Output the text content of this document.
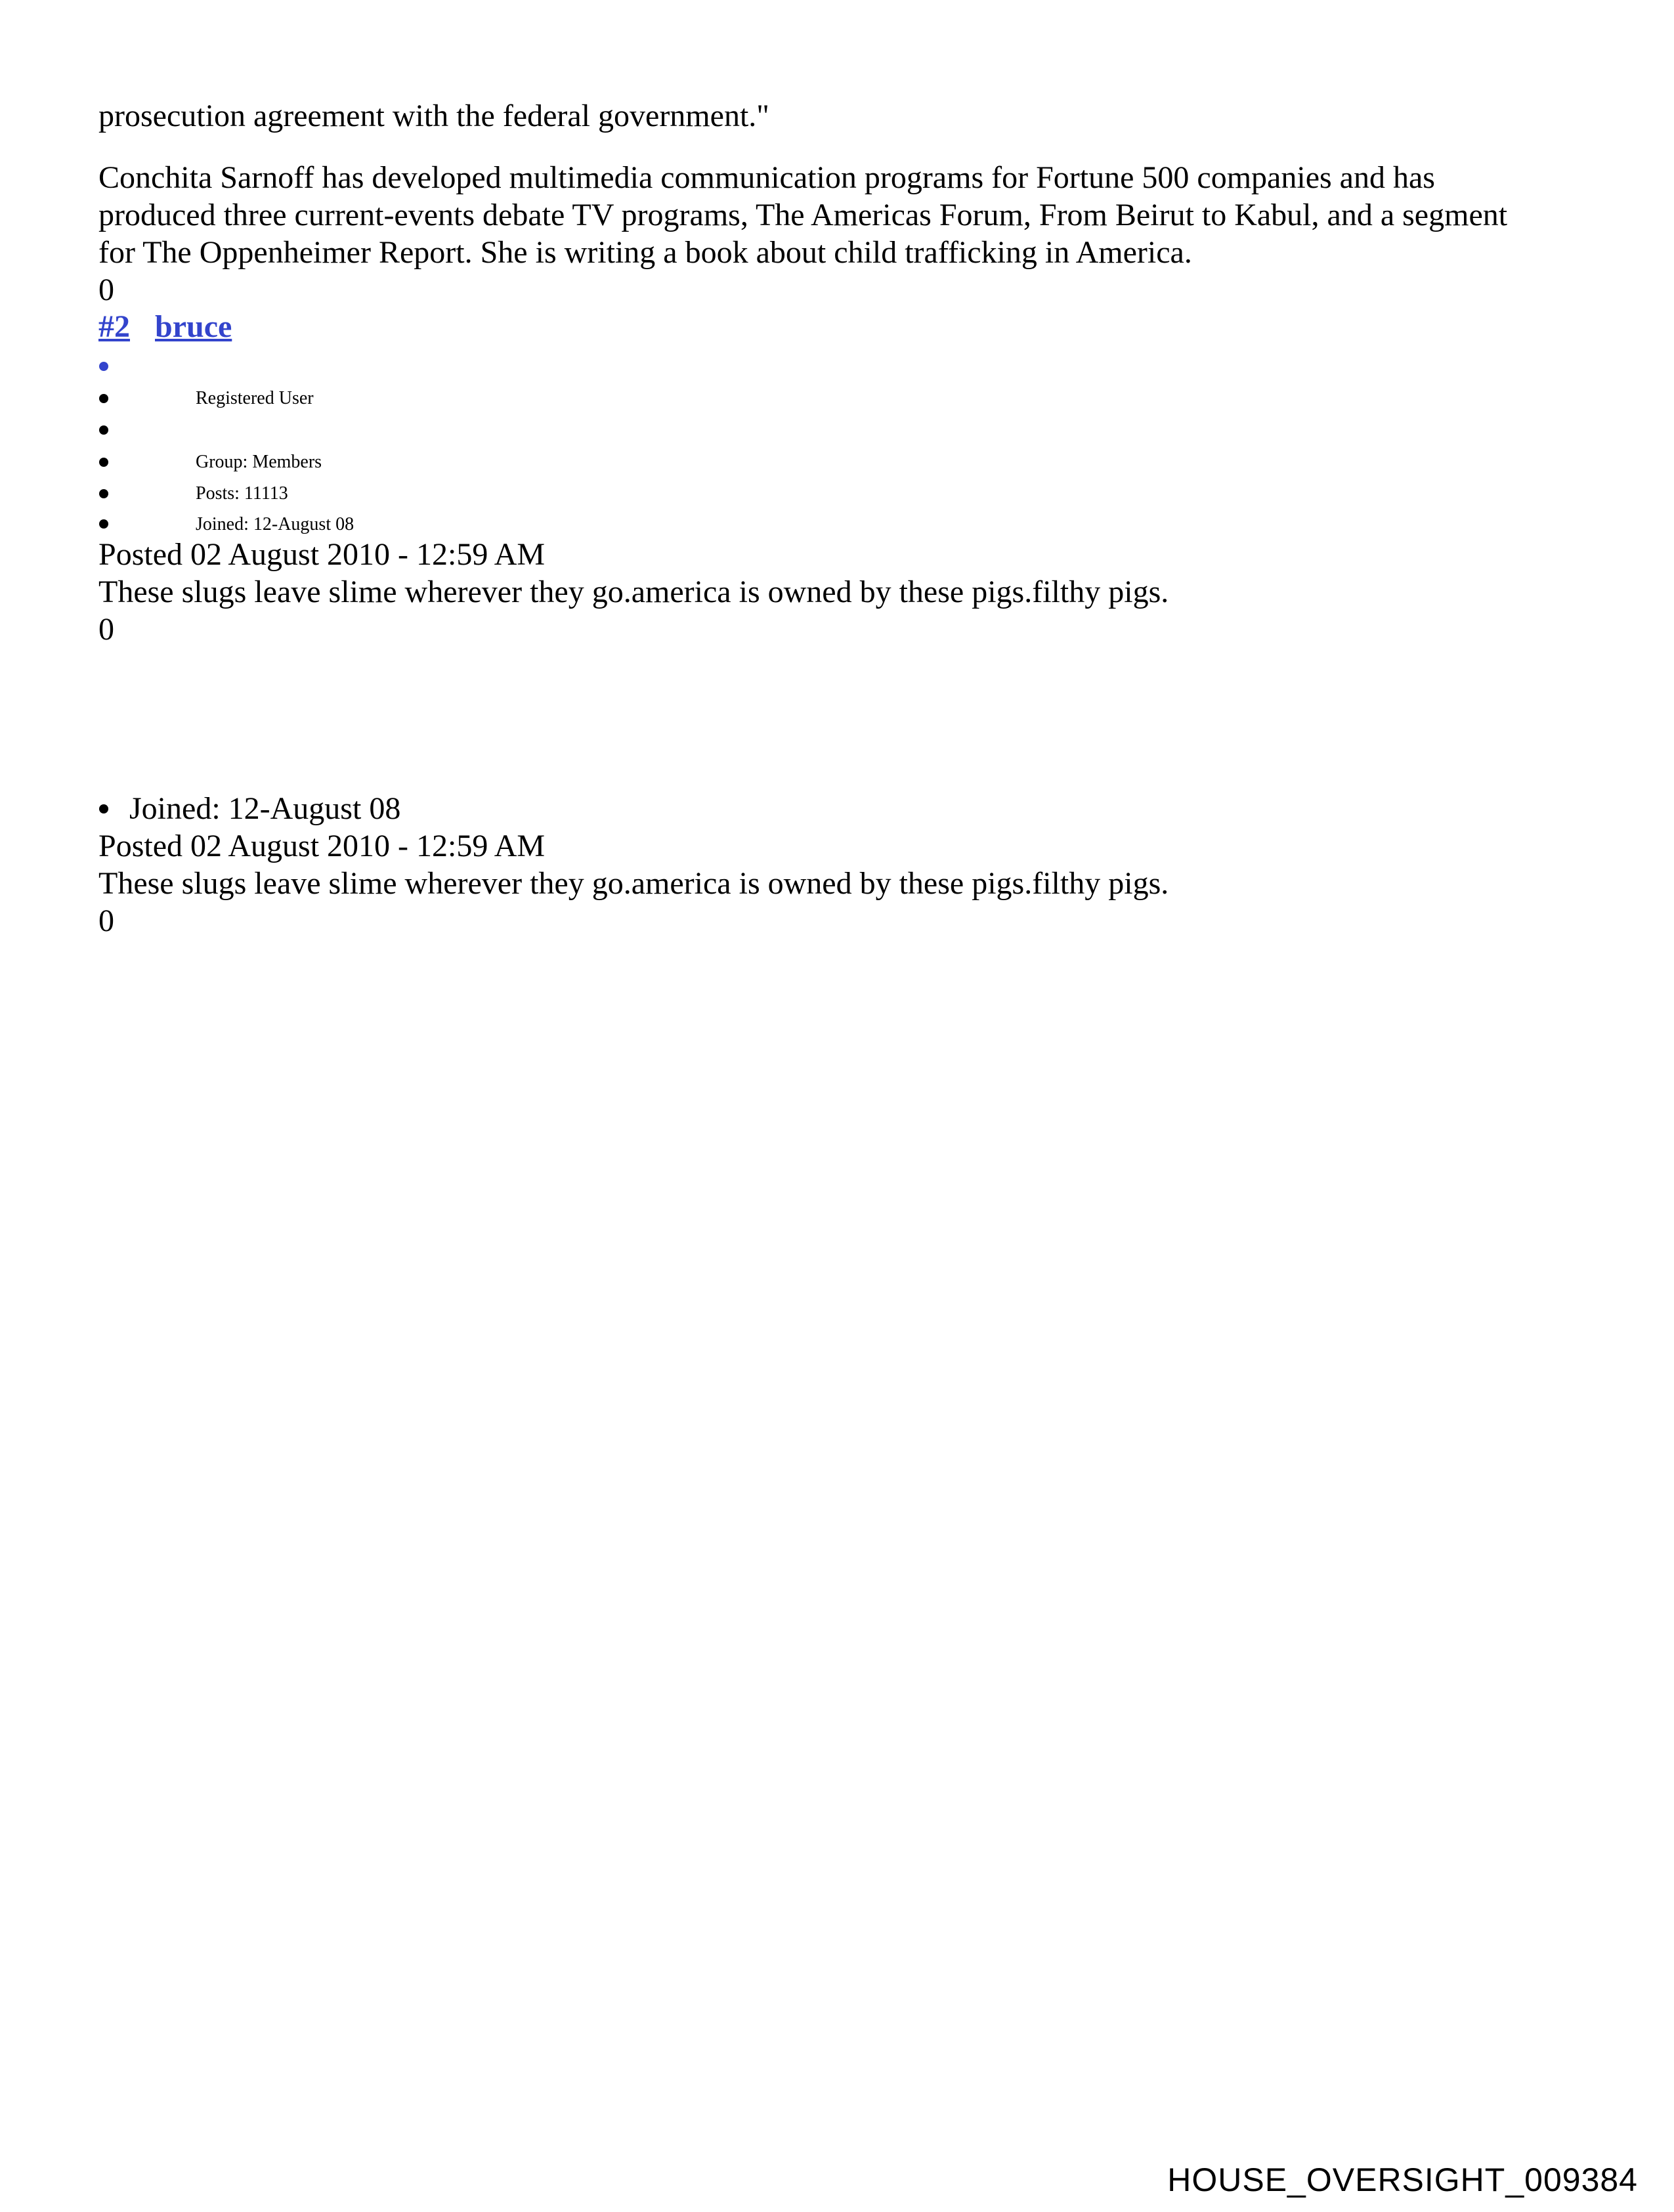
prosecution agreement with the federal government."
Conchita Sarnoff has developed multimedia communication programs for Fortune 500 companies and has
produced three current-events debate TV programs, The Americas Forum, From Beirut to Kabul, and a segment
for The Oppenheimer Report. She is writing a book about child trafficking in America.
0
#2 bruce
Registered User
Group: Members
Posts: 11113
Joined: 12-August 08
Posted 02 August 2010 - 12:59 AM
These slugs leave slime wherever they go.america is owned by these pigs.filthy pigs.
0
Joined: 12-August 08
Posted 02 August 2010 - 12:59 AM
These slugs leave slime wherever they go.america is owned by these pigs.filthy pigs.
0
HOUSE_OVERSIGHT_009384
